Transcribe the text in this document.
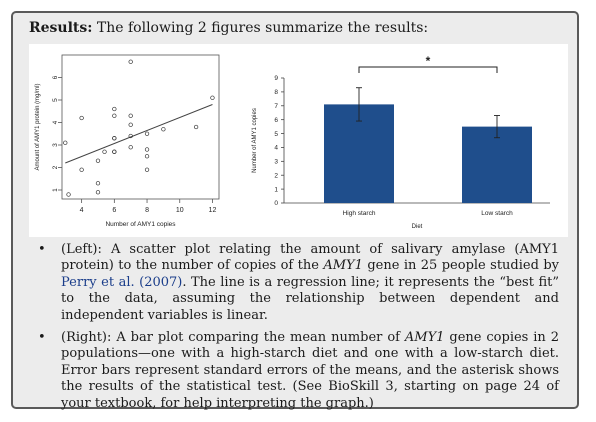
Results: The following 2 figures summarize the results:
4	6	8	10	12
1
2
3
4
5
6
Number of AMY1 copies
Amount of AMY1 protein (mg/ml)
0
1
2
3
4
5
6
7
8
9
High starch	Low starch
*
Diet
Number of AMY1 copies
• (Left): A scatter plot relating the amount of salivary amylase (AMY1 protein) to the number of copies of the AMY1 gene in 25 people studied by Perry et al. (2007). The line is a regression line; it represents the “best fit” to the data, assuming the relationship between dependent and independent variables is linear.
• (Right): A bar plot comparing the mean number of AMY1 gene copies in 2 populations—one with a high-starch diet and one with a low-starch diet. Error bars represent standard errors of the means, and the asterisk shows the results of the statistical test. (See BioSkill 3, starting on page 24 of your textbook, for help interpreting the graph.)
